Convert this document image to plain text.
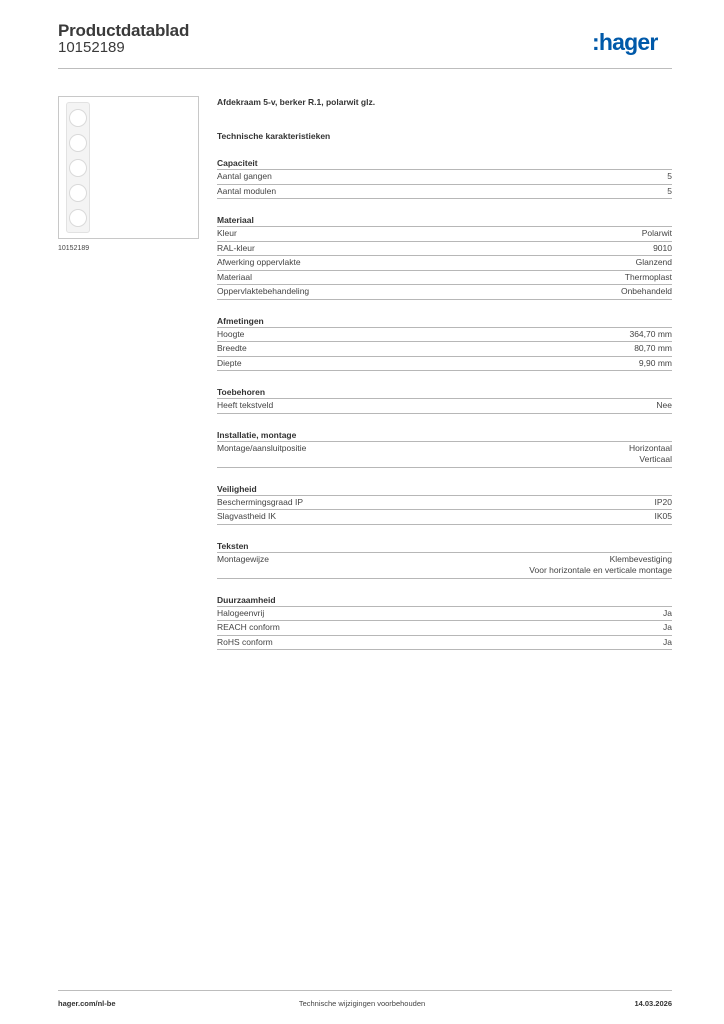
Productdatablad
10152189	:hager
10152189
Afdekraam 5-v, berker R.1, polarwit glz.
Technische karakteristieken
Capaciteit
Aantal gangen	5
Aantal modulen	5
Materiaal
Kleur	Polarwit
RAL-kleur	9010
Afwerking oppervlakte	Glanzend
Materiaal	Thermoplast
Oppervlaktebehandeling	Onbehandeld
Afmetingen
Hoogte	364,70 mm
Breedte	80,70 mm
Diepte	9,90 mm
Toebehoren
Heeft tekstveld	Nee
Installatie, montage
Montage/aansluitpositie	Horizontaal
Verticaal
Veiligheid
Beschermingsgraad IP	IP20
Slagvastheid IK	IK05
Teksten
Montagewijze	Klembevestiging
Voor horizontale en verticale montage
Duurzaamheid
Halogeenvrij	Ja
REACH conform	Ja
RoHS conform	Ja
hager.com/nl-be	Technische wijzigingen voorbehouden	14.03.2026
